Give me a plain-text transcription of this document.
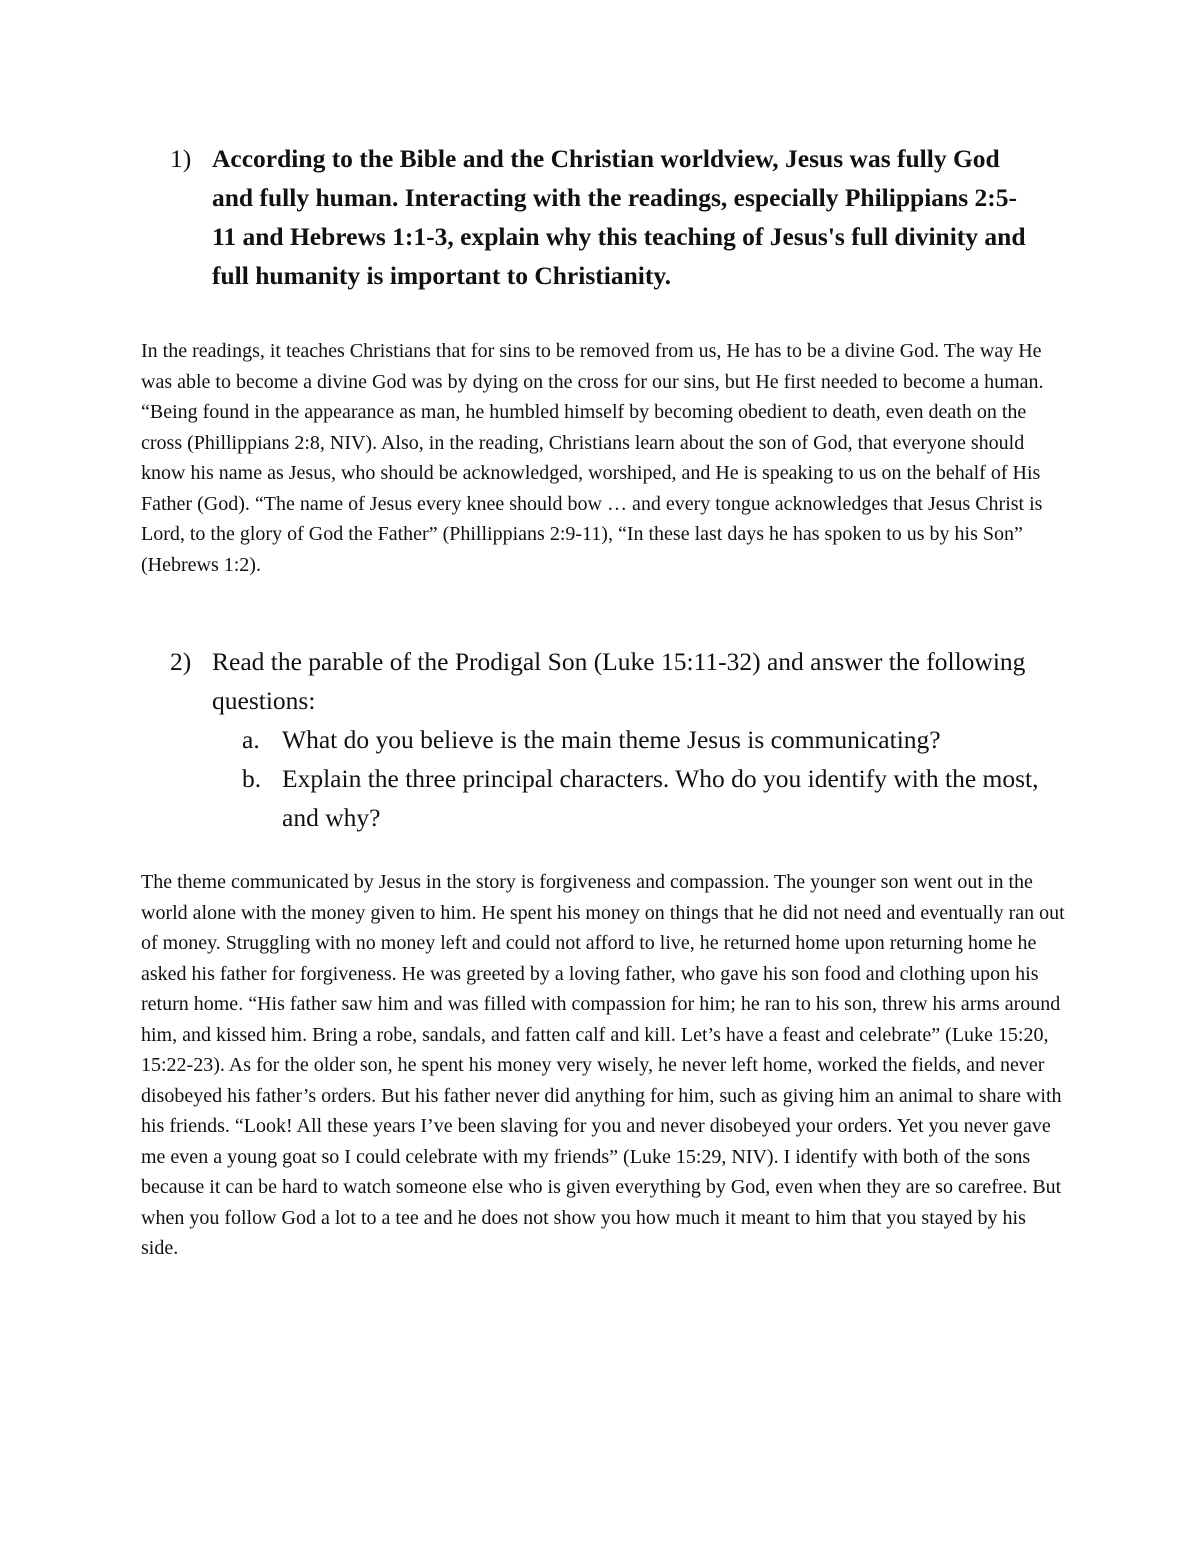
1) According to the Bible and the Christian worldview, Jesus was fully God and fully human. Interacting with the readings, especially Philippians 2:5-11 and Hebrews 1:1-3, explain why this teaching of Jesus's full divinity and full humanity is important to Christianity.

In the readings, it teaches Christians that for sins to be removed from us, He has to be a divine God. The way He was able to become a divine God was by dying on the cross for our sins, but He first needed to become a human. “Being found in the appearance as man, he humbled himself by becoming obedient to death, even death on the cross (Phillippians 2:8, NIV). Also, in the reading, Christians learn about the son of God, that everyone should know his name as Jesus, who should be acknowledged, worshiped, and He is speaking to us on the behalf of His Father (God). “The name of Jesus every knee should bow … and every tongue acknowledges that Jesus Christ is Lord, to the glory of God the Father” (Phillippians 2:9-11), “In these last days he has spoken to us by his Son” (Hebrews 1:2).

2) Read the parable of the Prodigal Son (Luke 15:11-32) and answer the following questions:
a. What do you believe is the main theme Jesus is communicating?
b. Explain the three principal characters. Who do you identify with the most, and why?

The theme communicated by Jesus in the story is forgiveness and compassion. The younger son went out in the world alone with the money given to him. He spent his money on things that he did not need and eventually ran out of money. Struggling with no money left and could not afford to live, he returned home upon returning home he asked his father for forgiveness. He was greeted by a loving father, who gave his son food and clothing upon his return home. “His father saw him and was filled with compassion for him; he ran to his son, threw his arms around him, and kissed him. Bring a robe, sandals, and fatten calf and kill. Let’s have a feast and celebrate” (Luke 15:20, 15:22-23). As for the older son, he spent his money very wisely, he never left home, worked the fields, and never disobeyed his father’s orders. But his father never did anything for him, such as giving him an animal to share with his friends. “Look! All these years I’ve been slaving for you and never disobeyed your orders. Yet you never gave me even a young goat so I could celebrate with my friends” (Luke 15:29, NIV). I identify with both of the sons because it can be hard to watch someone else who is given everything by God, even when they are so carefree. But when you follow God a lot to a tee and he does not show you how much it meant to him that you stayed by his side.
